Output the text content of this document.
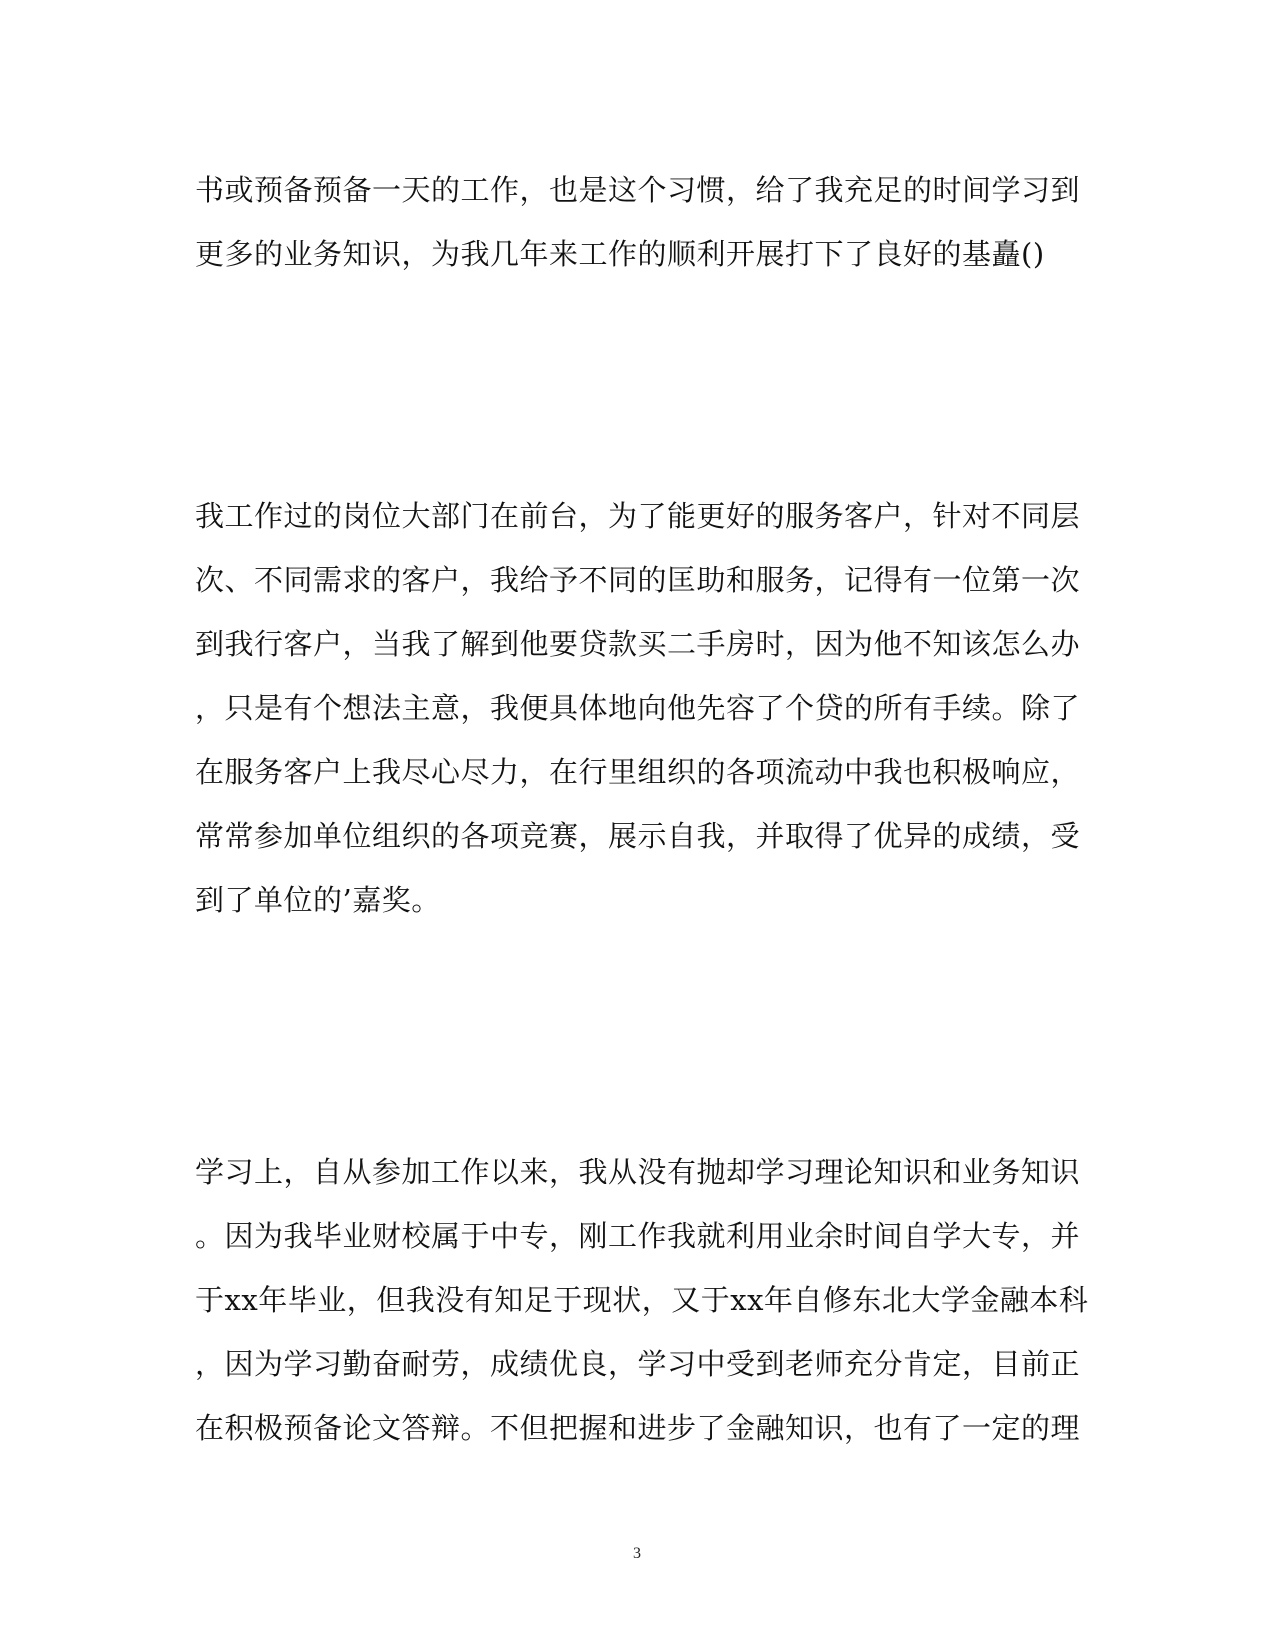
书或预备预备一天的工作，也是这个习惯，给了我充足的时间学习到
更多的业务知识，为我几年来工作的顺利开展打下了良好的基矗()
我工作过的岗位大部门在前台，为了能更好的服务客户，针对不同层
次、不同需求的客户，我给予不同的匡助和服务，记得有一位第一次
到我行客户，当我了解到他要贷款买二手房时，因为他不知该怎么办
，只是有个想法主意，我便具体地向他先容了个贷的所有手续。除了
在服务客户上我尽心尽力，在行里组织的各项流动中我也积极响应，
常常参加单位组织的各项竞赛，展示自我，并取得了优异的成绩，受
到了单位的’嘉奖。
学习上，自从参加工作以来，我从没有抛却学习理论知识和业务知识
。因为我毕业财校属于中专，刚工作我就利用业余时间自学大专，并
于xx年毕业，但我没有知足于现状，又于xx年自修东北大学金融本科
，因为学习勤奋耐劳，成绩优良，学习中受到老师充分肯定，目前正
在积极预备论文答辩。不但把握和进步了金融知识，也有了一定的理
3
